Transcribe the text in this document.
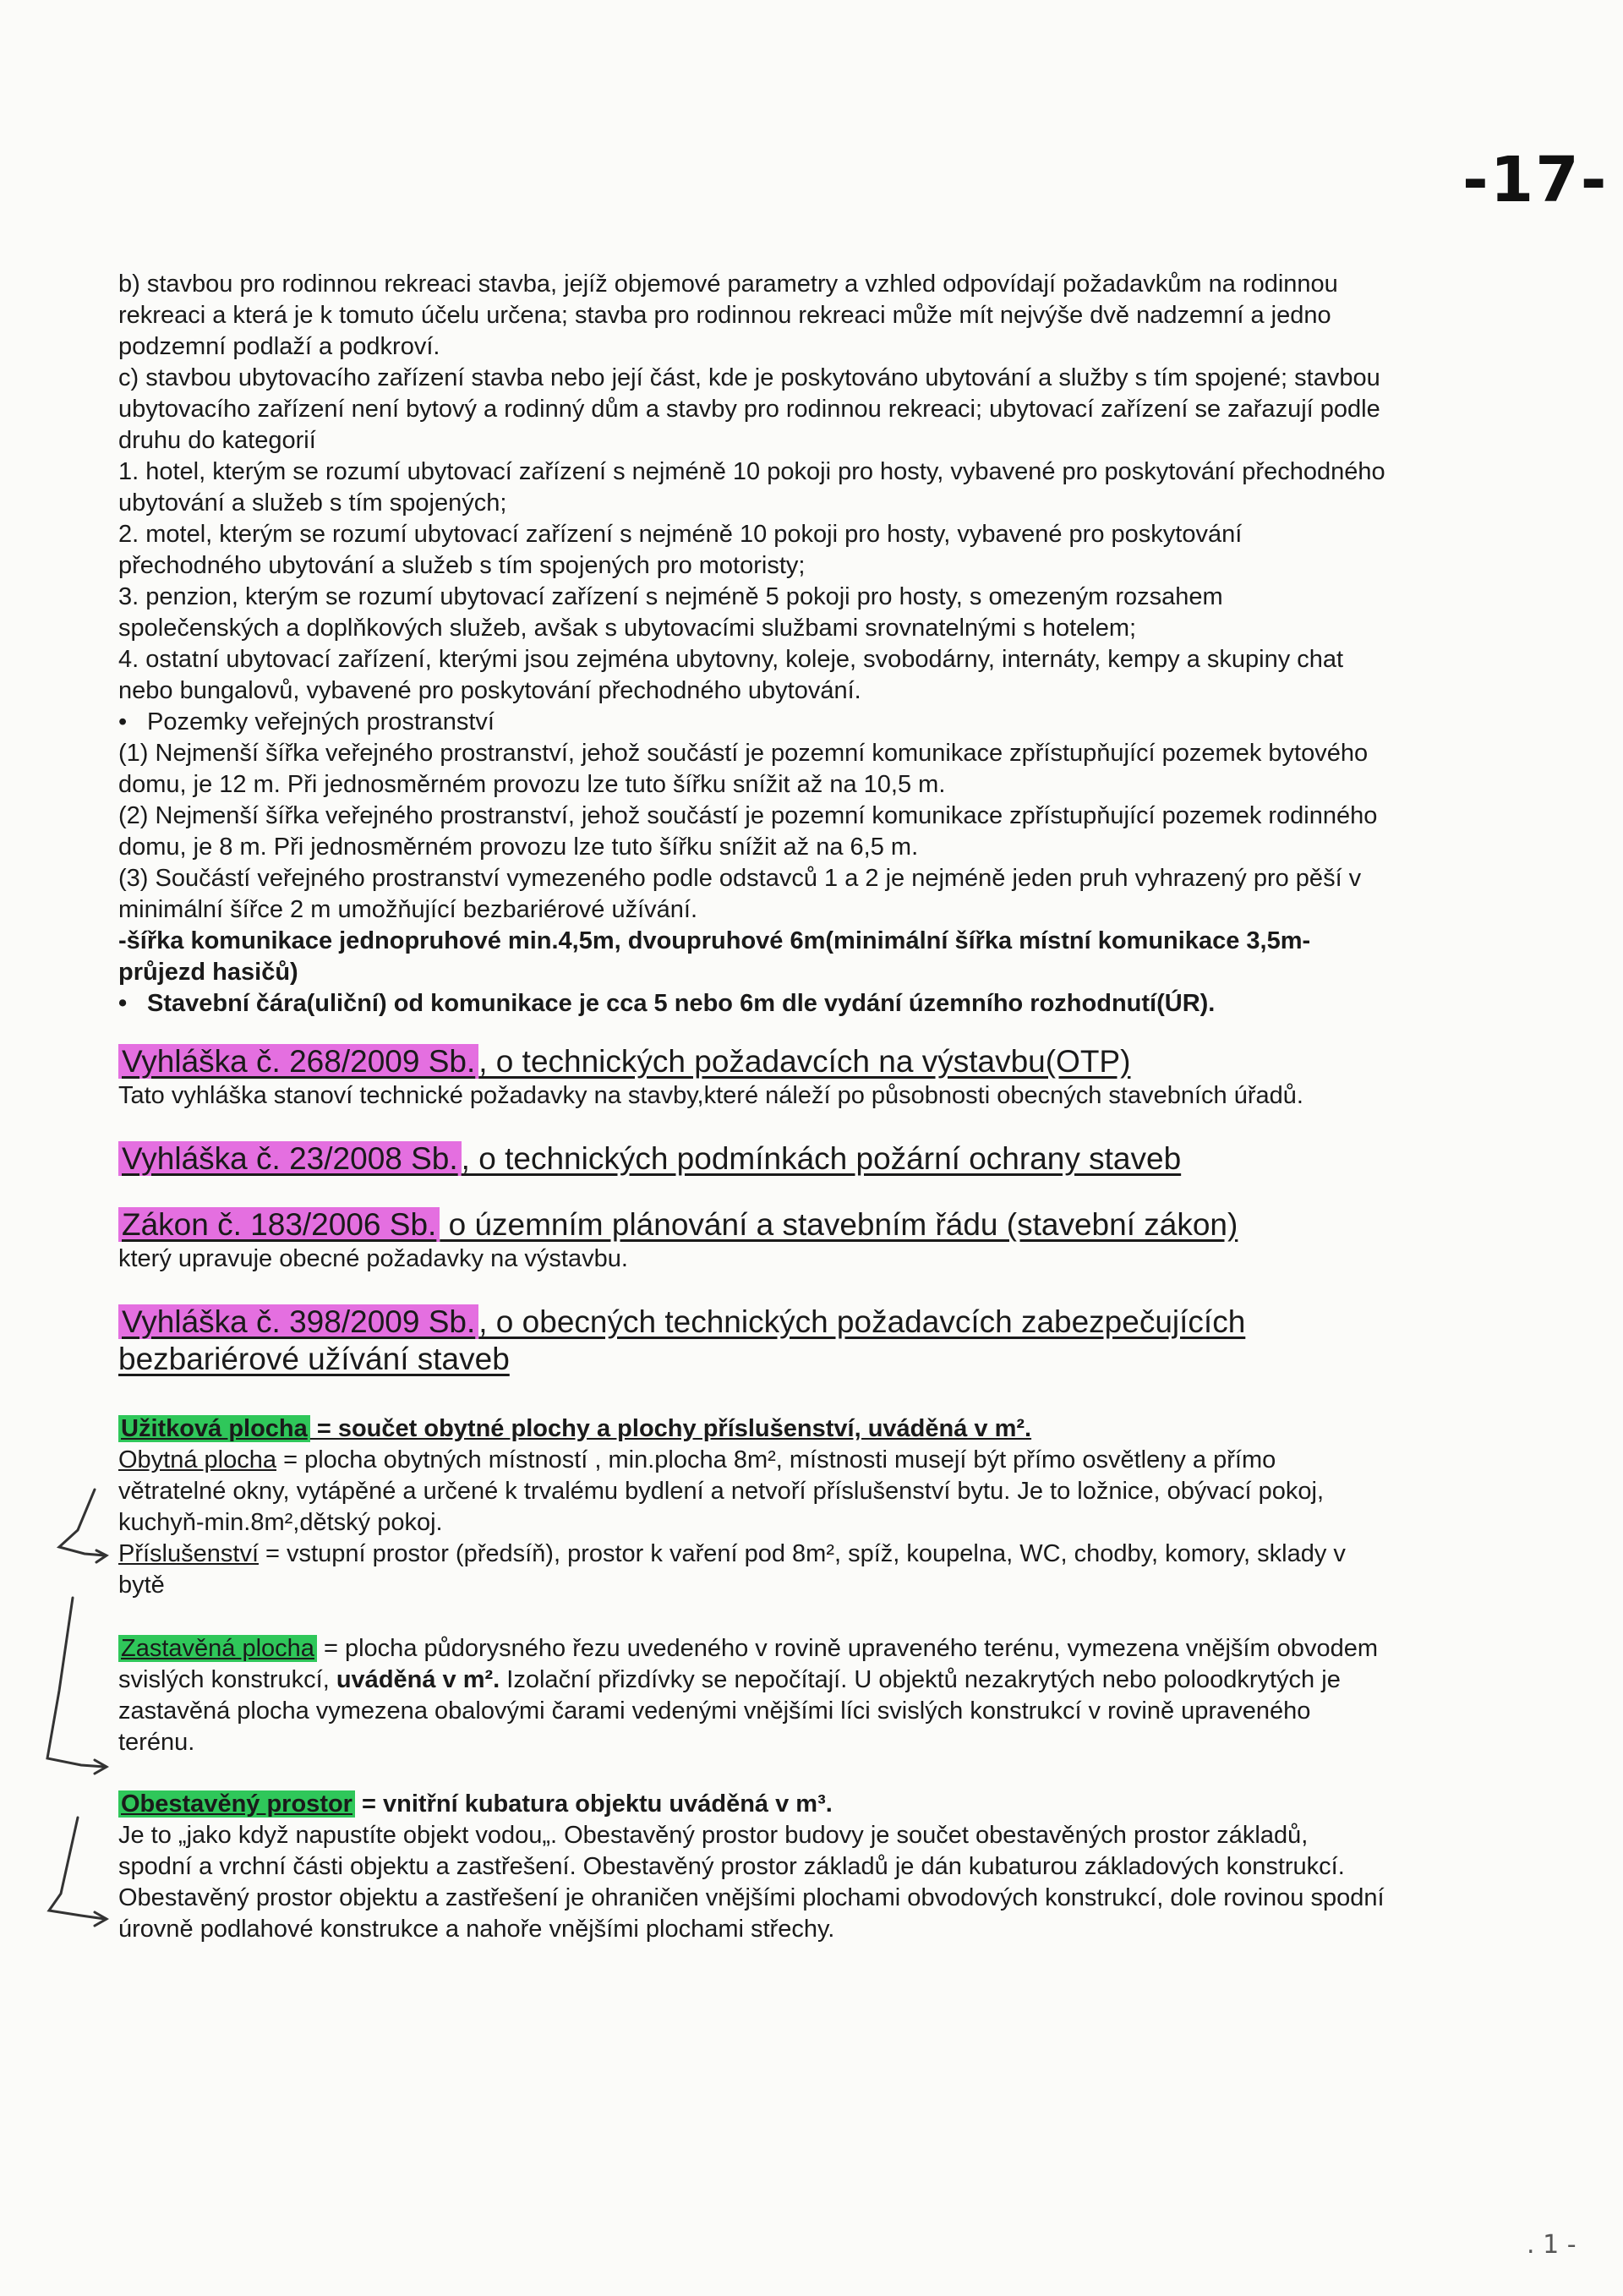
-17-

b) stavbou pro rodinnou rekreaci stavba, jejíž objemové parametry a vzhled odpovídají požadavkům na rodinnou rekreaci a která je k tomuto účelu určena; stavba pro rodinnou rekreaci může mít nejvýše dvě nadzemní a jedno podzemní podlaží a podkroví.

c) stavbou ubytovacího zařízení stavba nebo její část, kde je poskytováno ubytování a služby s tím spojené; stavbou ubytovacího zařízení není bytový a rodinný dům a stavby pro rodinnou rekreaci; ubytovací zařízení se zařazují podle druhu do kategorií

1. hotel, kterým se rozumí ubytovací zařízení s nejméně 10 pokoji pro hosty, vybavené pro poskytování přechodného ubytování a služeb s tím spojených;

2. motel, kterým se rozumí ubytovací zařízení s nejméně 10 pokoji pro hosty, vybavené pro poskytování přechodného ubytování a služeb s tím spojených pro motoristy;

3. penzion, kterým se rozumí ubytovací zařízení s nejméně 5 pokoji pro hosty, s omezeným rozsahem společenských a doplňkových služeb, avšak s ubytovacími službami srovnatelnými s hotelem;

4. ostatní ubytovací zařízení, kterými jsou zejména ubytovny, koleje, svobodárny, internáty, kempy a skupiny chat nebo bungalovů, vybavené pro poskytování přechodného ubytování.

• Pozemky veřejných prostranství

(1) Nejmenší šířka veřejného prostranství, jehož součástí je pozemní komunikace zpřístupňující pozemek bytového domu, je 12 m. Při jednosměrném provozu lze tuto šířku snížit až na 10,5 m.

(2) Nejmenší šířka veřejného prostranství, jehož součástí je pozemní komunikace zpřístupňující pozemek rodinného domu, je 8 m. Při jednosměrném provozu lze tuto šířku snížit až na 6,5 m.

(3) Součástí veřejného prostranství vymezeného podle odstavců 1 a 2 je nejméně jeden pruh vyhrazený pro pěší v minimální šířce 2 m umožňující bezbariérové užívání.

-šířka komunikace jednopruhové min.4,5m, dvoupruhové 6m(minimální šířka místní komunikace 3,5m-průjezd hasičů)

• Stavební čára(uliční) od komunikace je cca 5 nebo 6m dle vydání územního rozhodnutí(ÚR).

Vyhláška č. 268/2009 Sb. , o technických požadavcích na výstavbu(OTP)

Tato vyhláška stanoví technické požadavky na stavby,které náleží po působnosti obecných stavebních úřadů.

Vyhláška č. 23/2008 Sb. , o technických podmínkách požární ochrany staveb

Zákon č. 183/2006 Sb. o územním plánování a stavebním řádu (stavební zákon)

který upravuje obecné požadavky na výstavbu.

Vyhláška č. 398/2009 Sb. , o obecných technických požadavcích zabezpečujících bezbariérové užívání staveb

Užitková plocha = součet obytné plochy a plochy příslušenství, uváděná v m².

Obytná plocha = plocha obytných místností , min.plocha 8m², místnosti musejí být přímo osvětleny a přímo větratelné okny, vytápěné a určené k trvalému bydlení a netvoří příslušenství bytu. Je to ložnice, obývací pokoj, kuchyň-min.8m²,dětský pokoj.

Příslušenství = vstupní prostor (předsíň), prostor k vaření pod 8m², spíž, koupelna, WC, chodby, komory, sklady v bytě

Zastavěná plocha = plocha půdorysného řezu uvedeného v rovině upraveného terénu, vymezena vnějším obvodem svislých konstrukcí, uváděná v m². Izolační přizdívky se nepočítají. U objektů nezakrytých nebo poloodkrytých je zastavěná plocha vymezena obalovými čarami vedenými vnějšími líci svislých konstrukcí v rovině upraveného terénu.

Obestavěný prostor = vnitřní kubatura objektu uváděná v m³.

Je to „jako když napustíte objekt vodou„. Obestavěný prostor budovy je součet obestavěných prostor základů, spodní a vrchní části objektu a zastřešení. Obestavěný prostor základů je dán kubaturou základových konstrukcí. Obestavěný prostor objektu a zastřešení je ohraničen vnějšími plochami obvodových konstrukcí, dole rovinou spodní úrovně podlahové konstrukce a nahoře vnějšími plochami střechy.

. 1 -
